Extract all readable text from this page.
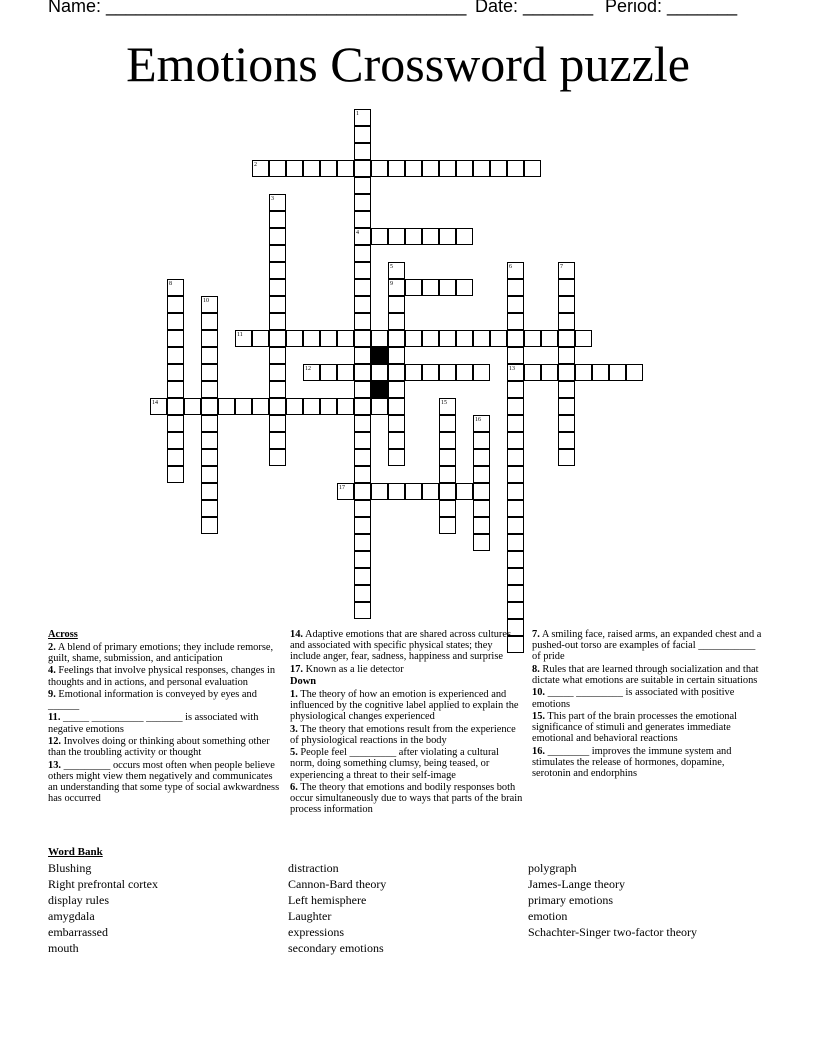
Name: ____________________________________ Date: _______ Period: _______
Emotions Crossword puzzle
1
2
3
4
5	6	7
8	9
10
11
12	13
14	15
16
17
Across
2. A blend of primary emotions; they include remorse, guilt, shame, submission, and anticipation
4. Feelings that involve physical responses, changes in thoughts and in actions, and personal evaluation
9. Emotional information is conveyed by eyes and ______
11. _____ __________ _______ is associated with negative emotions
12. Involves doing or thinking about something other than the troubling activity or thought
13. _________ occurs most often when people believe others might view them negatively and communicates an understanding that some type of social awkwardness has occurred
14. Adaptive emotions that are shared across cultures and associated with specific physical states; they include anger, fear, sadness, happiness and surprise
17. Known as a lie detector
Down
1. The theory of how an emotion is experienced and influenced by the cognitive label applied to explain the physiological changes experienced
3. The theory that emotions result from the experience of physiological reactions in the body
5. People feel _________ after violating a cultural norm, doing something clumsy, being teased, or experiencing a threat to their self-image
6. The theory that emotions and bodily responses both occur simultaneously due to ways that parts of the brain process information
7. A smiling face, raised arms, an expanded chest and a pushed-out torso are examples of facial ___________ of pride
8. Rules that are learned through socialization and that dictate what emotions are suitable in certain situations
10. _____ _________ is associated with positive emotions
15. This part of the brain processes the emotional significance of stimuli and generates immediate emotional and behavioral reactions
16. ________ improves the immune system and stimulates the release of hormones, dopamine, serotonin and endorphins
Word Bank
Blushing
Right prefrontal cortex
display rules
amygdala
embarrassed
mouth
distraction
Cannon-Bard theory
Left hemisphere
Laughter
expressions
secondary emotions
polygraph
James-Lange theory
primary emotions
emotion
Schachter-Singer two-factor theory
